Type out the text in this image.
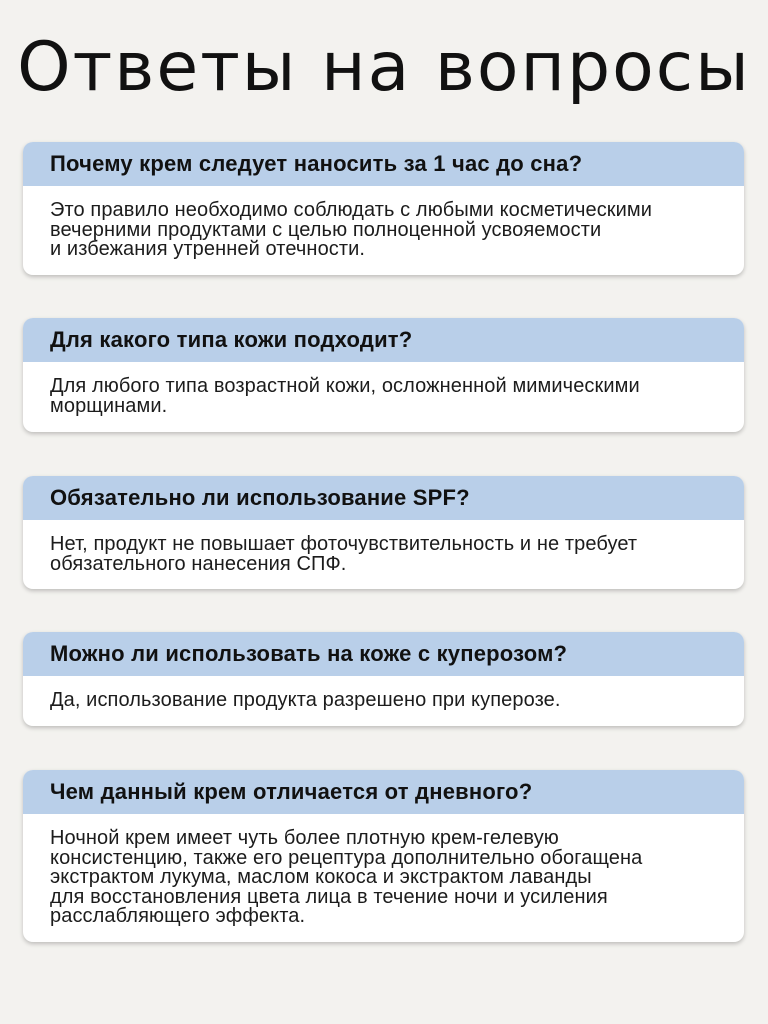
Ответы на вопросы
Почему крем следует наносить за 1 час до сна?
Это правило необходимо соблюдать с любыми косметическими
вечерними продуктами с целью полноценной усвояемости
и избежания утренней отечности.
Для какого типа кожи подходит?
Для любого типа возрастной кожи, осложненной мимическими
морщинами.
Обязательно ли использование SPF?
Нет, продукт не повышает фоточувствительность и не требует
обязательного нанесения СПФ.
Можно ли использовать на коже с куперозом?
Да, использование продукта разрешено при куперозе.
Чем данный крем отличается от дневного?
Ночной крем имеет чуть более плотную крем-гелевую
консистенцию, также его рецептура дополнительно обогащена
экстрактом лукума, маслом кокоса и экстрактом лаванды
для восстановления цвета лица в течение ночи и усиления
расслабляющего эффекта.
